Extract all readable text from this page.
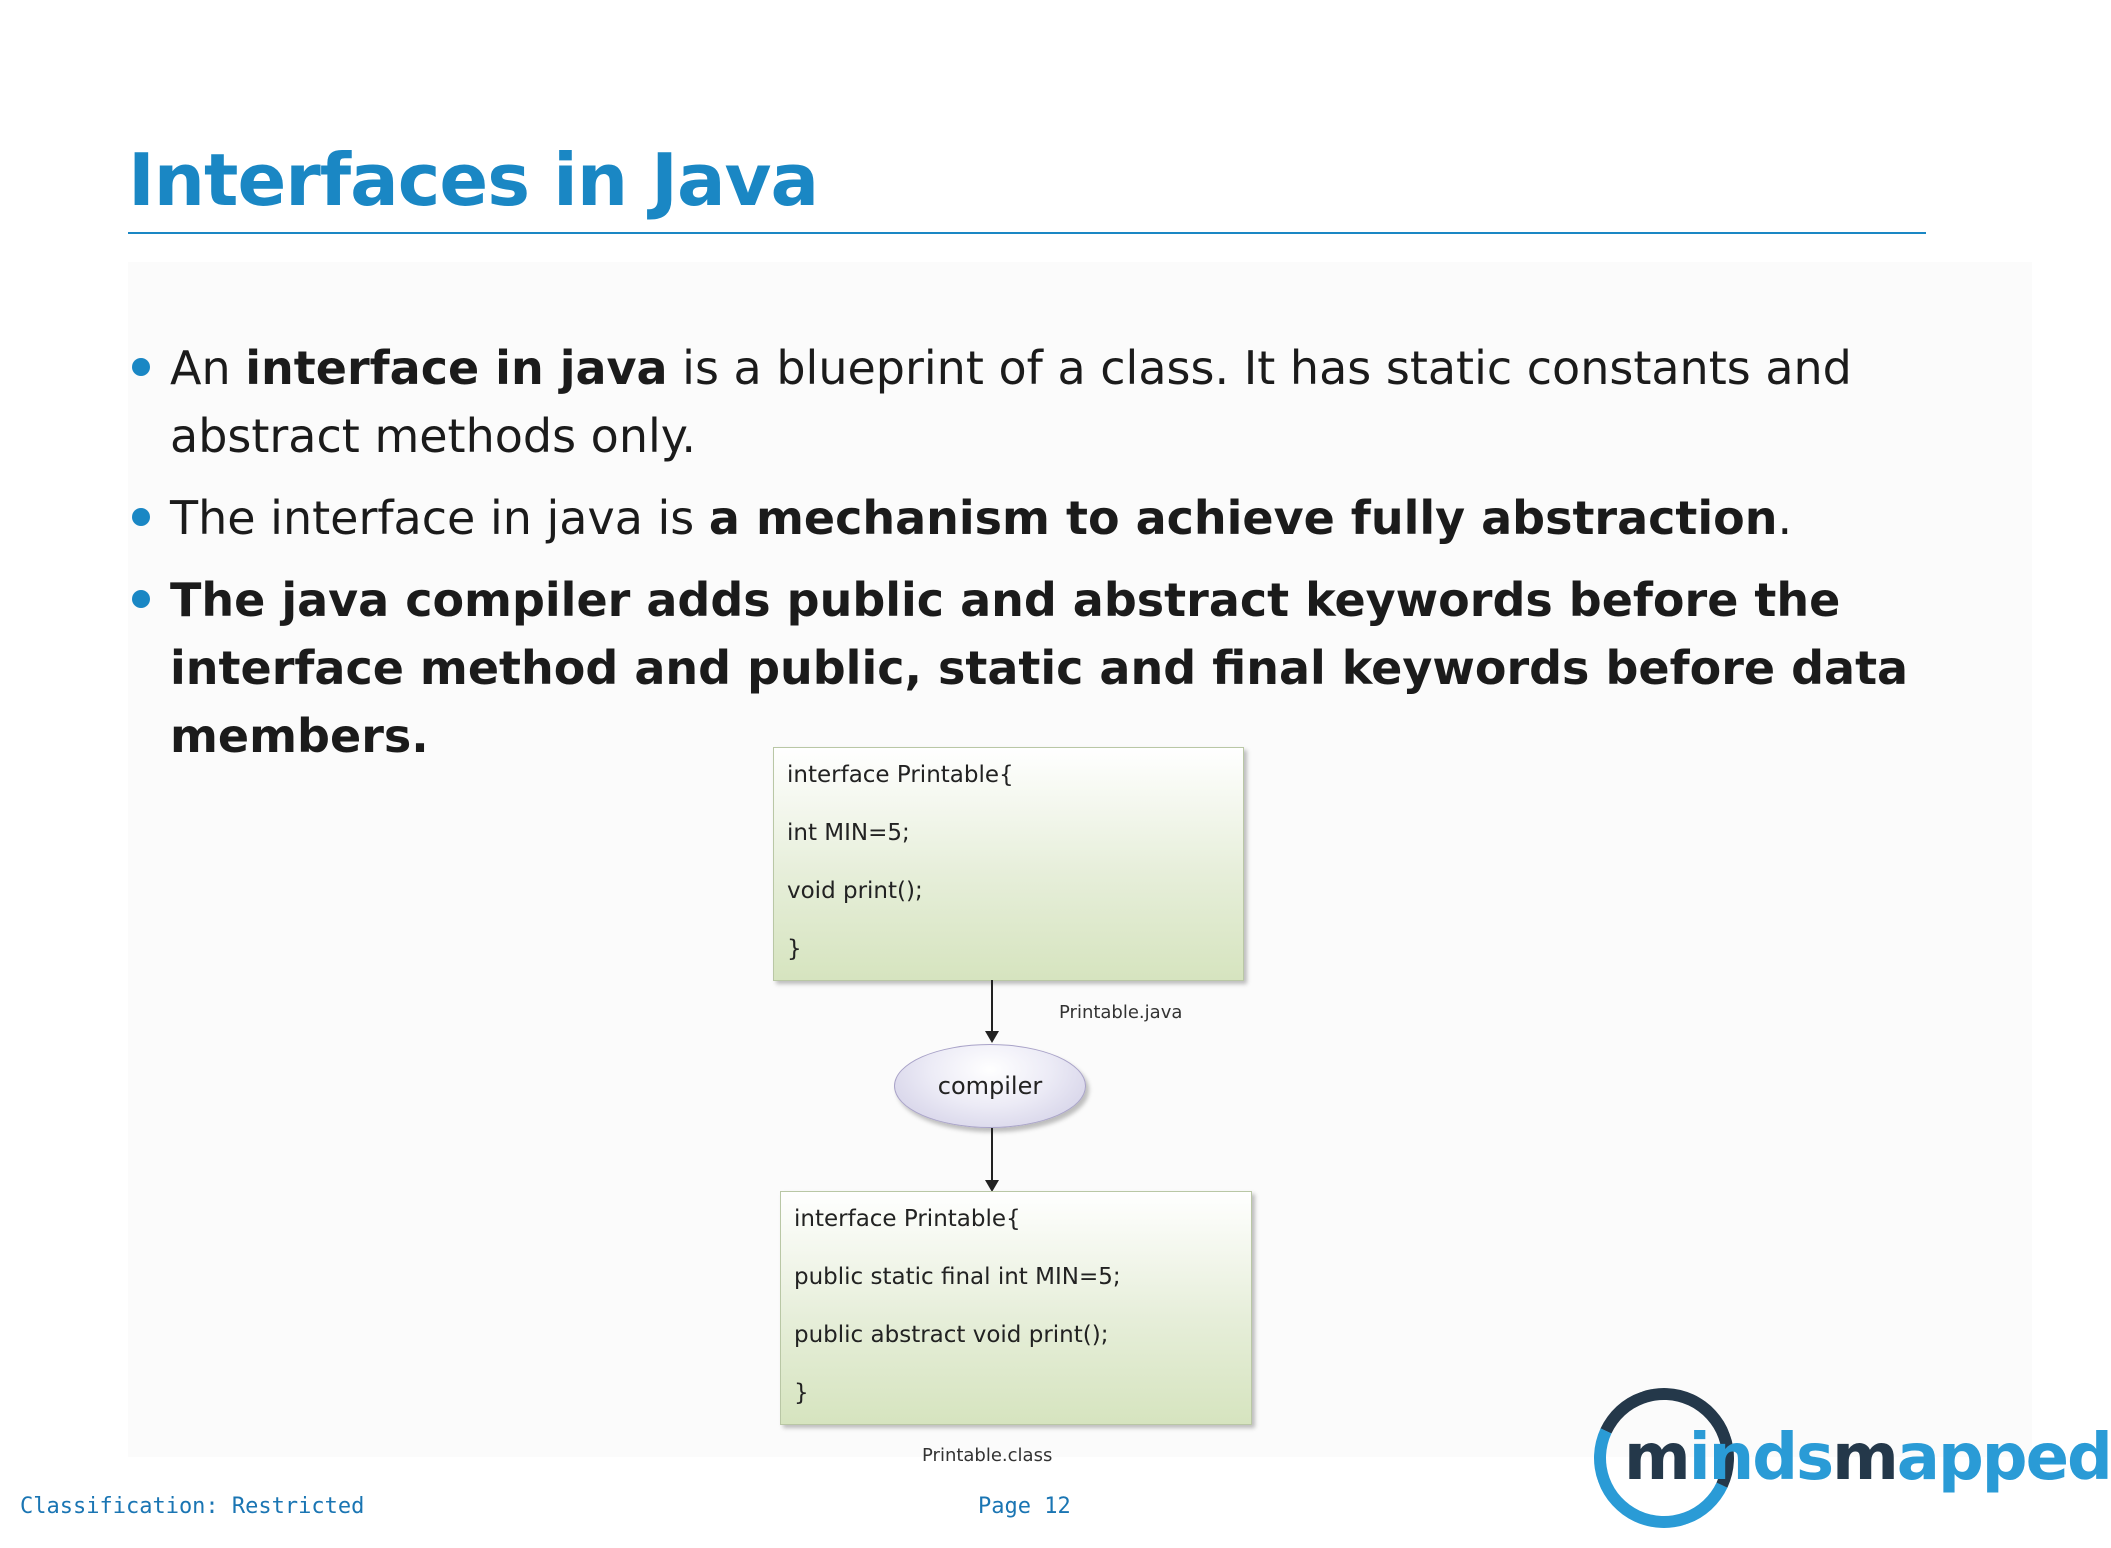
Interfaces in Java
An interface in java is a blueprint of a class. It has static constants and abstract methods only.
The interface in java is a mechanism to achieve fully abstraction.
The java compiler adds public and abstract keywords before the interface method and public, static and final keywords before data members.
interface Printable{
int MIN=5;
void print();
}
Printable.java
compiler
interface Printable{
public static final int MIN=5;
public abstract void print();
}
Printable.class
Classification: Restricted	Page 12
mindsmapped
